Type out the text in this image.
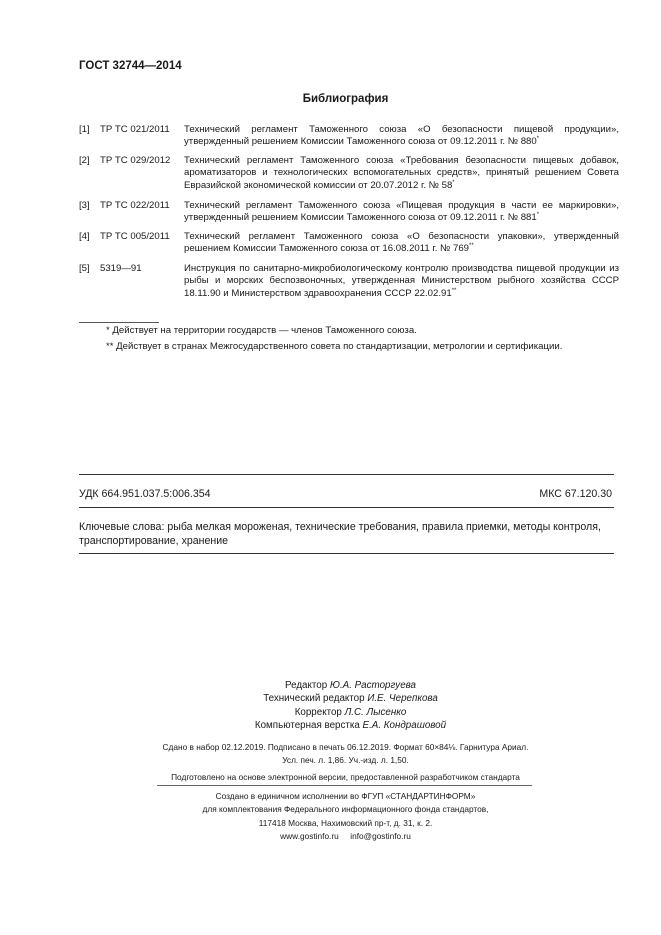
ГОСТ 32744—2014
Библиография
[1] ТР ТС 021/2011 Технический регламент Таможенного союза «О безопасности пищевой продукции», утвержденный решением Комиссии Таможенного союза от 09.12.2011 г. № 880*
[2] ТР ТС 029/2012 Технический регламент Таможенного союза «Требования безопасности пищевых добавок, ароматизаторов и технологических вспомогательных средств», принятый решением Совета Евразийской экономической комиссии от 20.07.2012 г. № 58*
[3] ТР ТС 022/2011 Технический регламент Таможенного союза «Пищевая продукция в части ее маркировки», утвержденный решением Комиссии Таможенного союза от 09.12.2011 г. № 881*
[4] ТР ТС 005/2011 Технический регламент Таможенного союза «О безопасности упаковки», утвержденный решением Комиссии Таможенного союза от 16.08.2011 г. № 769**
[5] 5319—91	Инструкция по санитарно-микробиологическому контролю производства пищевой продукции из рыбы и морских беспозвоночных, утвержденная Министерством рыбного хозяйства СССР 18.11.90 и Министерством здравоохранения СССР 22.02.91**
* Действует на территории государств — членов Таможенного союза.
** Действует в странах Межгосударственного совета по стандартизации, метрологии и сертификации.
УДК 664.951.037.5:006.354	МКС 67.120.30
Ключевые слова: рыба мелкая мороженая, технические требования, правила приемки, методы контроля, транспортирование, хранение
Редактор Ю.А. Расторгуева
Технический редактор И.Е. Черепкова
Корректор Л.С. Лысенко
Компьютерная верстка Е.А. Кондрашовой
Сдано в набор 02.12.2019. Подписано в печать 06.12.2019. Формат 60×84⅛. Гарнитура Ариал.
Усл. печ. л. 1,86. Уч.-изд. л. 1,50.
Подготовлено на основе электронной версии, предоставленной разработчиком стандарта
Создано в единичном исполнении во ФГУП «СТАНДАРТИНФОРМ»
для комплектования Федерального информационного фонда стандартов,
117418 Москва, Нахимовский пр-т, д. 31, к. 2.
www.gostinfo.ru info@gostinfo.ru
